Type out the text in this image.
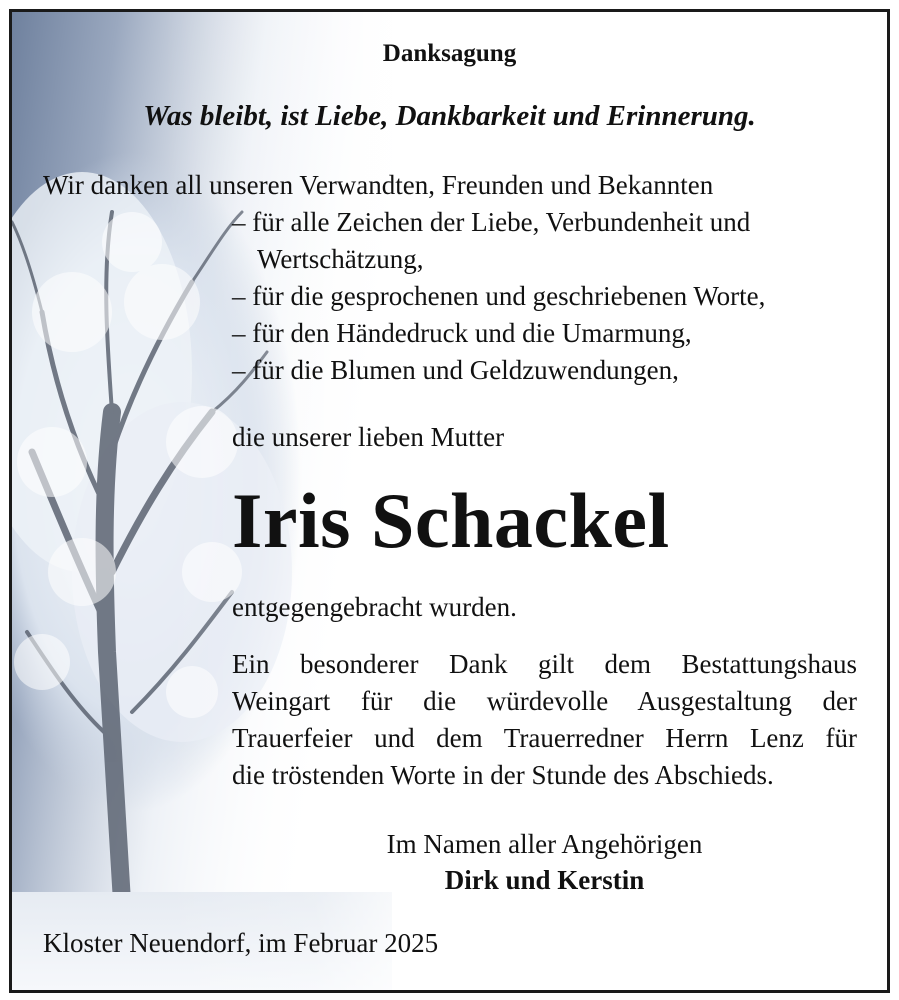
Danksagung
Was bleibt, ist Liebe, Dankbarkeit und Erinnerung.
Wir danken all unseren Verwandten, Freunden und Bekannten
– für alle Zeichen der Liebe, Verbundenheit und
Wertschätzung,
– für die gesprochenen und geschriebenen Worte,
– für den Händedruck und die Umarmung,
– für die Blumen und Geldzuwendungen,
die unserer lieben Mutter
Iris Schackel
entgegengebracht wurden.
Ein besonderer Dank gilt dem Bestattungshaus
Weingart für die würdevolle Ausgestaltung der
Trauerfeier und dem Trauerredner Herrn Lenz für
die tröstenden Worte in der Stunde des Abschieds.
Im Namen aller Angehörigen
Dirk und Kerstin
Kloster Neuendorf, im Februar 2025
